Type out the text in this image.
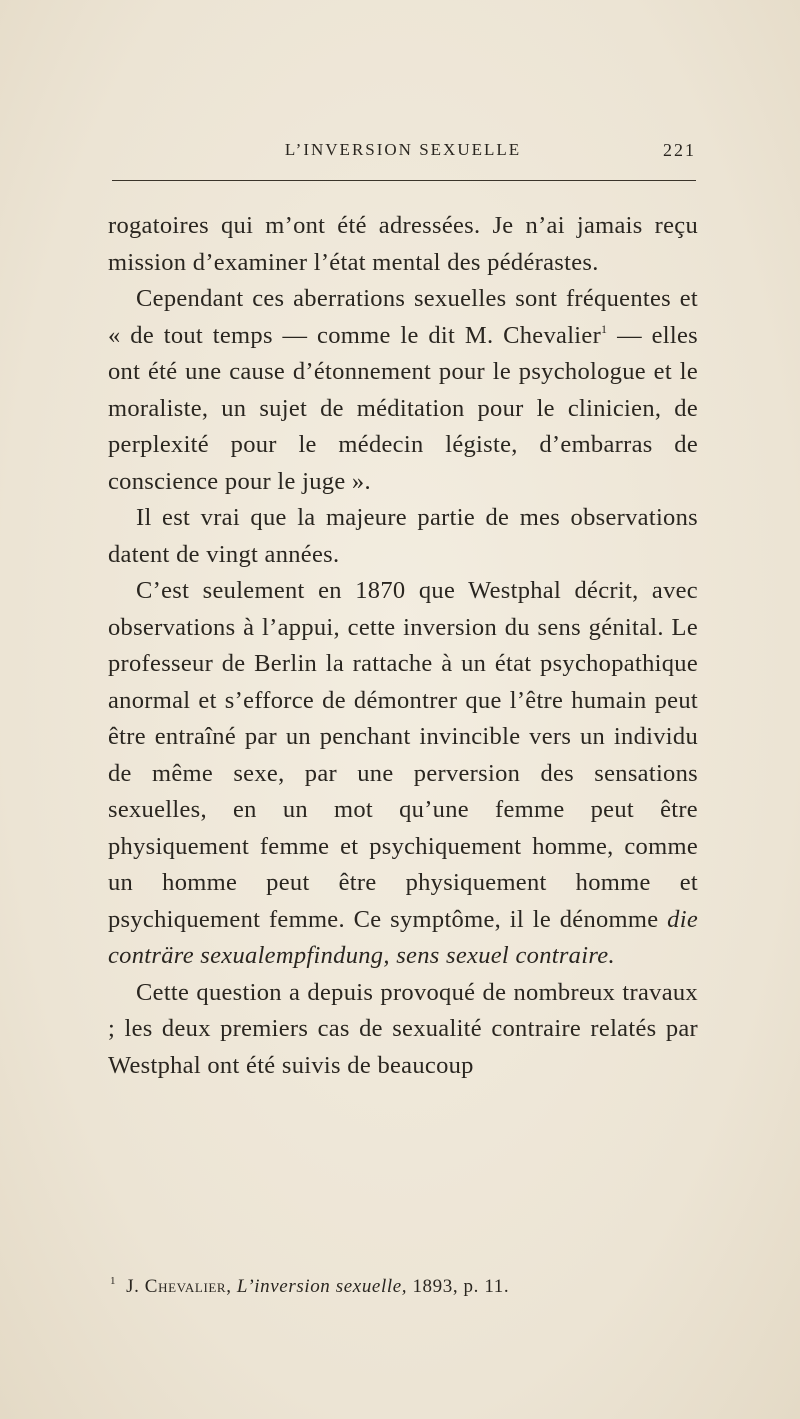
L’INVERSION SEXUELLE	221

rogatoires qui m’ont été adressées. Je n’ai jamais reçu mission d’examiner l’état mental des pédérastes.

Cependant ces aberrations sexuelles sont fréquentes et « de tout temps — comme le dit M. Chevalier$^1$ — elles ont été une cause d’étonnement pour le psychologue et le moraliste, un sujet de méditation pour le clinicien, de perplexité pour le médecin légiste, d’embarras de conscience pour le juge ».

Il est vrai que la majeure partie de mes observations datent de vingt années.

C’est seulement en 1870 que Westphal décrit, avec observations à l’appui, cette inversion du sens génital. Le professeur de Berlin la rattache à un état psychopathique anormal et s’efforce de démontrer que l’être humain peut être entraîné par un penchant invincible vers un individu de même sexe, par une perversion des sensations sexuelles, en un mot qu’une femme peut être physiquement femme et psychiquement homme, comme un homme peut être physiquement homme et psychiquement femme. Ce symptôme, il le dénomme die conträre sexualempfindung, sens sexuel contraire.

Cette question a depuis provoqué de nombreux travaux ; les deux premiers cas de sexualité contraire relatés par Westphal ont été suivis de beaucoup

$^1$ J. Chevalier, L’inversion sexuelle, 1893, p. 11.
